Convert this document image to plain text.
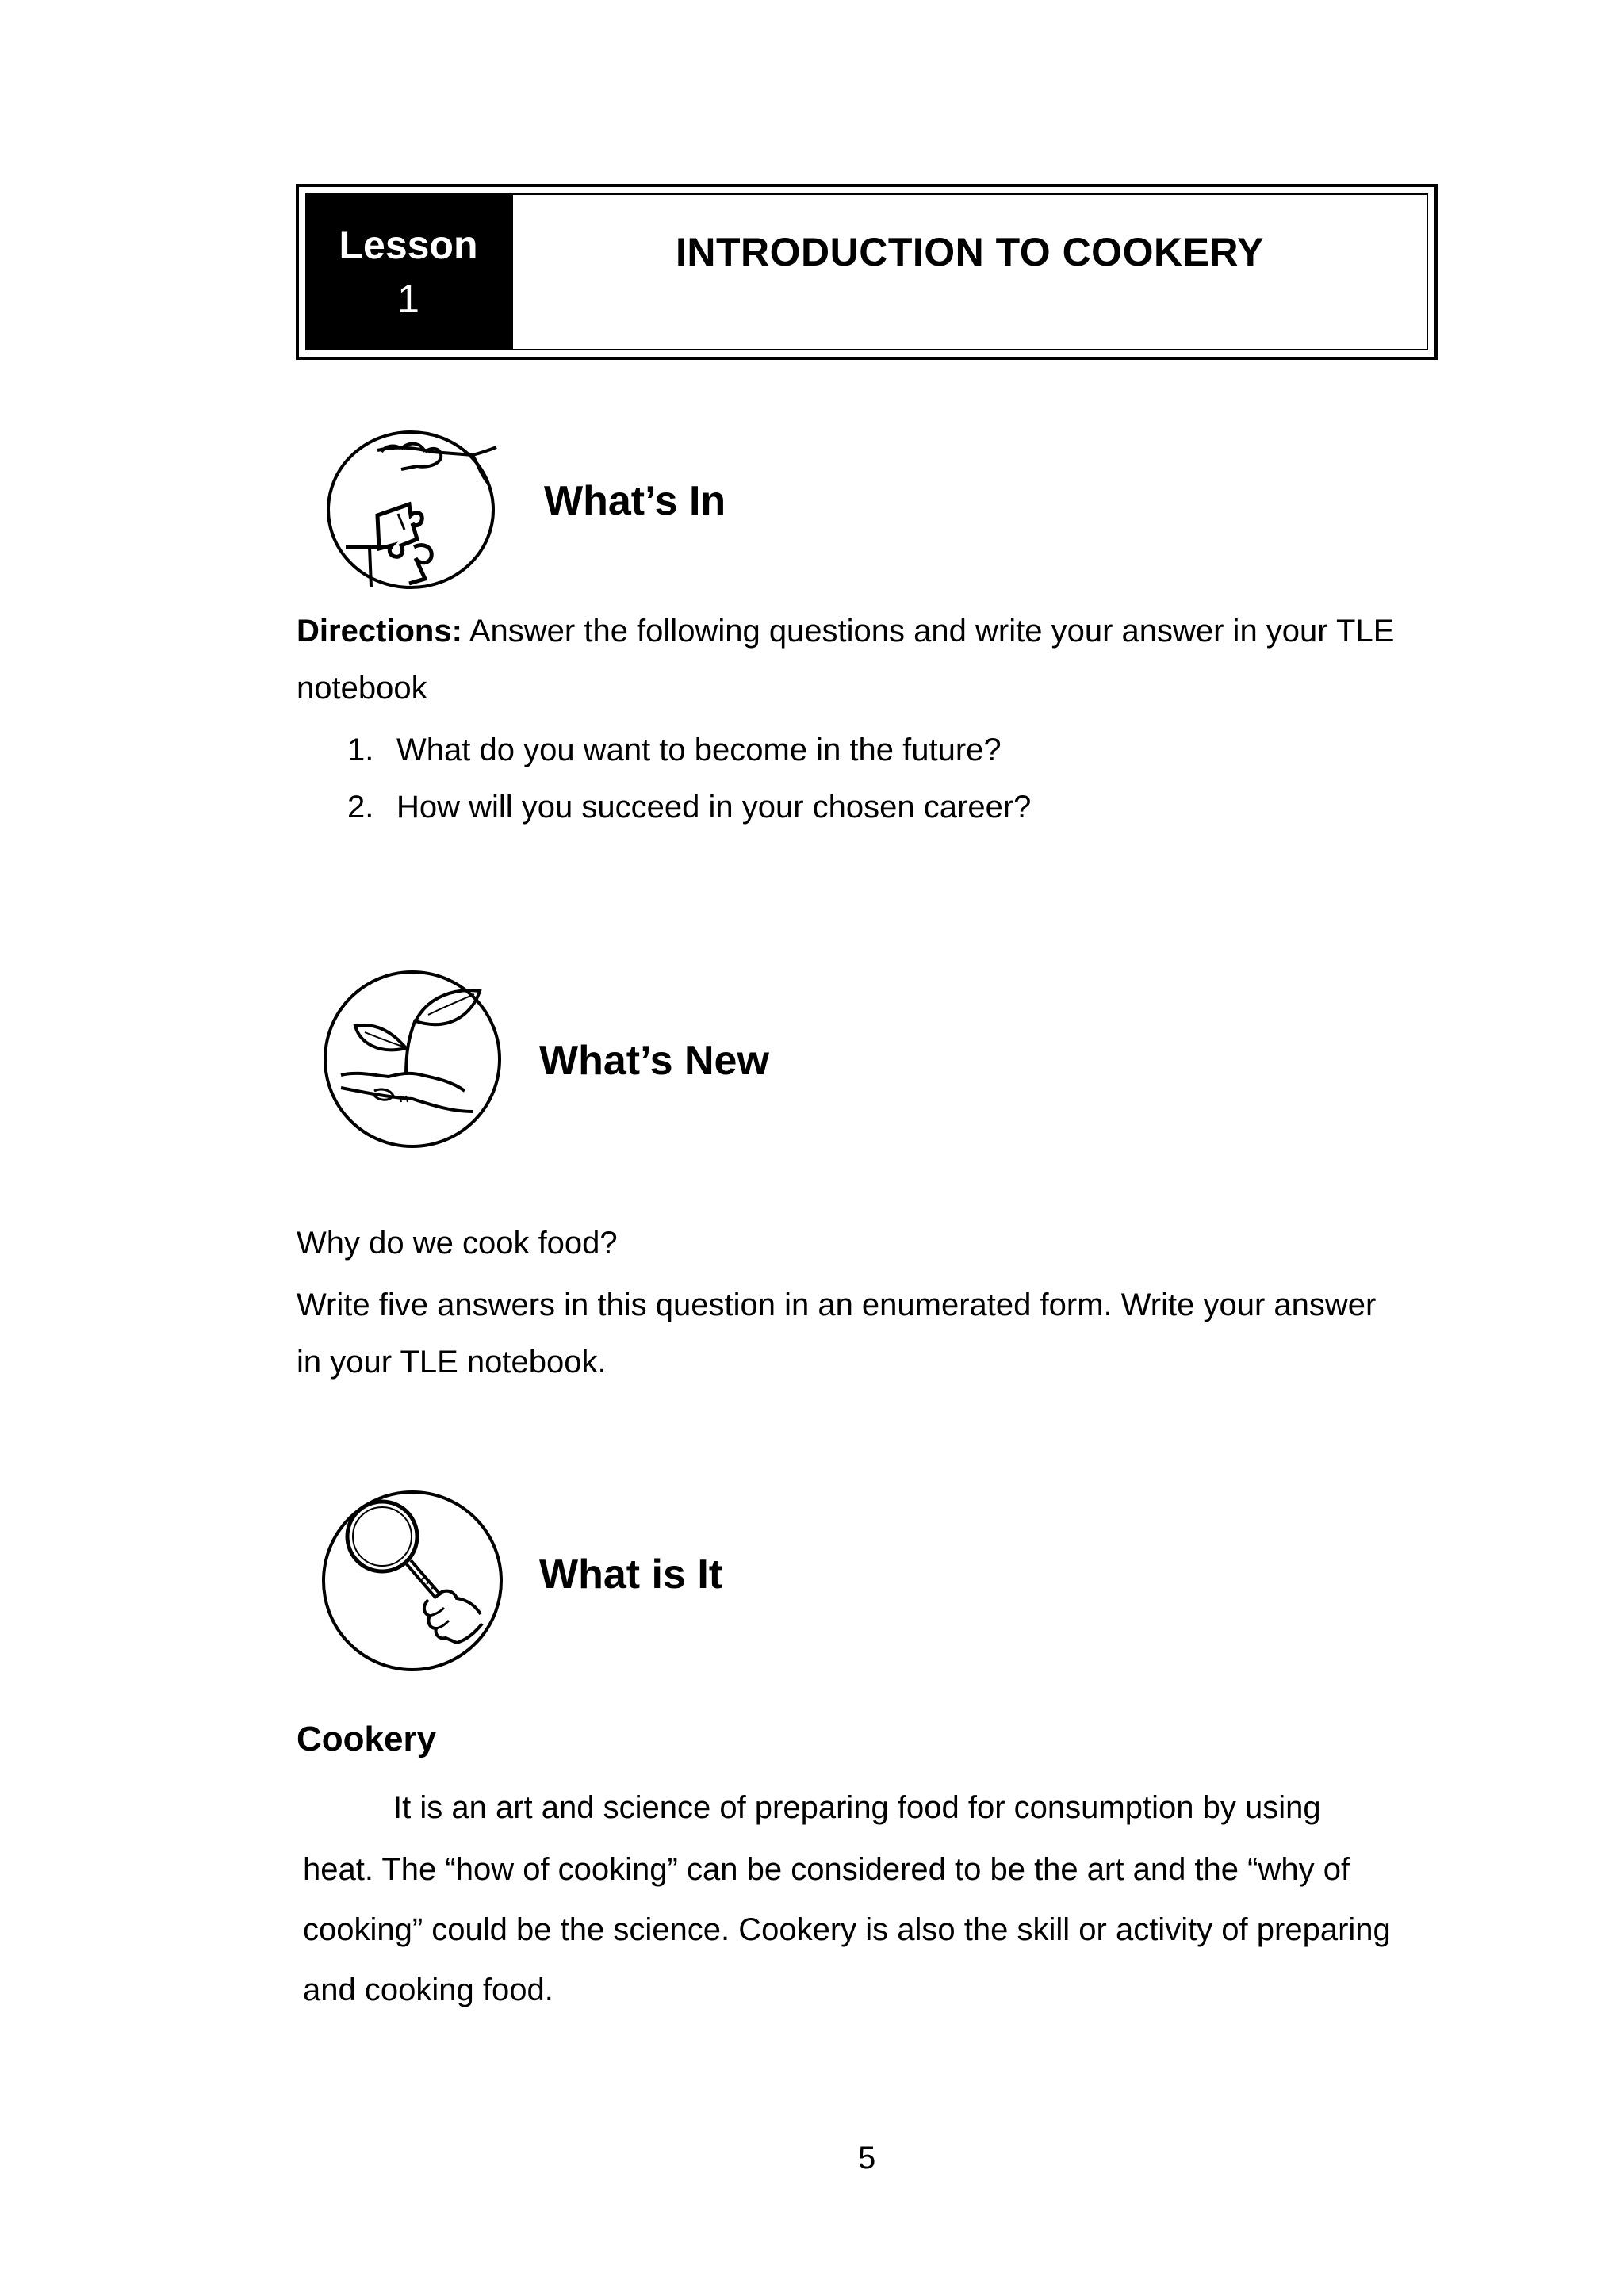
Lesson
1
INTRODUCTION TO COOKERY
What’s In
Directions: Answer the following questions and write your answer in your TLE
notebook
1. What do you want to become in the future?
2. How will you succeed in your chosen career?
What’s New
Why do we cook food?
Write five answers in this question in an enumerated form. Write your answer
in your TLE notebook.
What is It
Cookery
It is an art and science of preparing food for consumption by using
heat. The “how of cooking” can be considered to be the art and the “why of
cooking” could be the science. Cookery is also the skill or activity of preparing
and cooking food.
5
